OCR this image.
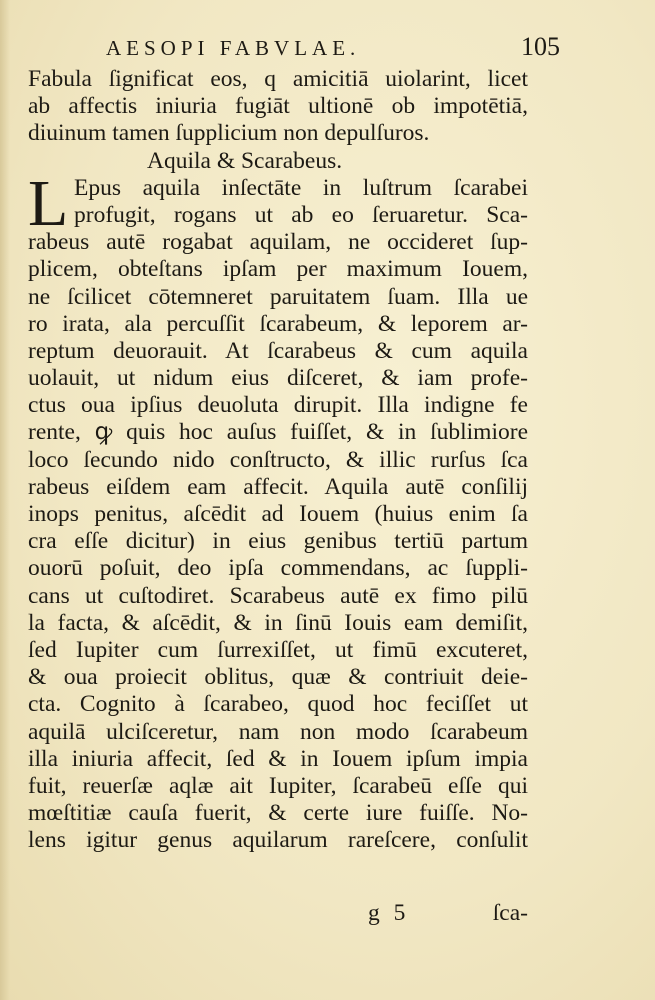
AESOPI FABVLAE.	105
Fabula ſignificat eos, q amicitiā uiolarint, licet
ab affectis iniuria fugiāt ultionē ob impotētiā,
diuinum tamen ſupplicium non depulſuros.
Aquila & Scarabeus.
L Epus aquila inſectāte in luſtrum ſcarabei
profugit, rogans ut ab eo ſeruaretur. Sca-
rabeus autē rogabat aquilam, ne occideret ſup-
plicem, obteſtans ipſam per maximum Iouem,
ne ſcilicet cōtemneret paruitatem ſuam. Illa ue
ro irata, ala percuſſit ſcarabeum, & leporem ar-
reptum deuorauit. At ſcarabeus & cum aquila
uolauit, ut nidum eius diſceret, & iam profe-
ctus oua ipſius deuoluta dirupit. Illa indigne fe
rente, ꝙ quis hoc auſus fuiſſet, & in ſublimiore
loco ſecundo nido conſtructo, & illic rurſus ſca
rabeus eiſdem eam affecit. Aquila autē conſilij
inops penitus, aſcēdit ad Iouem (huius enim ſa
cra eſſe dicitur) in eius genibus tertiū partum
ouorū poſuit, deo ipſa commendans, ac ſuppli-
cans ut cuſtodiret. Scarabeus autē ex fimo pilū
la facta, & aſcēdit, & in ſinū Iouis eam demiſit,
ſed Iupiter cum ſurrexiſſet, ut fimū excuteret,
& oua proiecit oblitus, quæ & contriuit deie-
cta. Cognito à ſcarabeo, quod hoc feciſſet ut
aquilā ulciſceretur, nam non modo ſcarabeum
illa iniuria affecit, ſed & in Iouem ipſum impia
fuit, reuerſæ aqlæ ait Iupiter, ſcarabeū eſſe qui
mœſtitiæ cauſa fuerit, & certe iure fuiſſe. No-
lens igitur genus aquilarum rareſcere, conſulit
g 5	ſca-
